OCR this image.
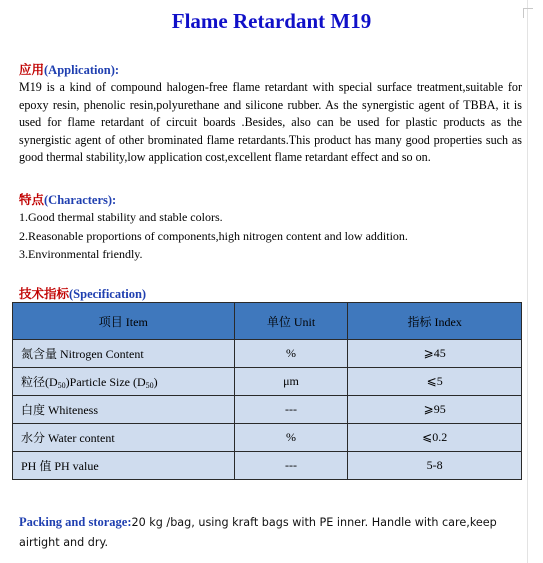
Flame Retardant M19
应用(Application):
M19 is a kind of compound halogen-free flame retardant with special surface treatment,suitable for epoxy resin, phenolic resin,polyurethane and silicone rubber. As the synergistic agent of TBBA, it is used for flame retardant of circuit boards .Besides, also can be used for plastic products as the synergistic agent of other brominated flame retardants.This product has many good properties such as good thermal stability,low application cost,excellent flame retardant effect and so on.
特点(Characters):
1.Good thermal stability and stable colors.
2.Reasonable proportions of components,high nitrogen content and low addition.
3.Environmental friendly.
技术指标(Specification)
项目 Item	单位 Unit	指标 Index
氮含量 Nitrogen Content	%	⩾45
粒径$(D_{50})Particle$ Size $(D_{50})$	μm	⩽5
白度 Whiteness	---	⩾95
水分 Water content	%	⩽0.2
PH 值 PH value	---	5-8
Packing and storage:20 kg /bag, using kraft bags with PE inner. Handle with care,keep airtight and dry.
